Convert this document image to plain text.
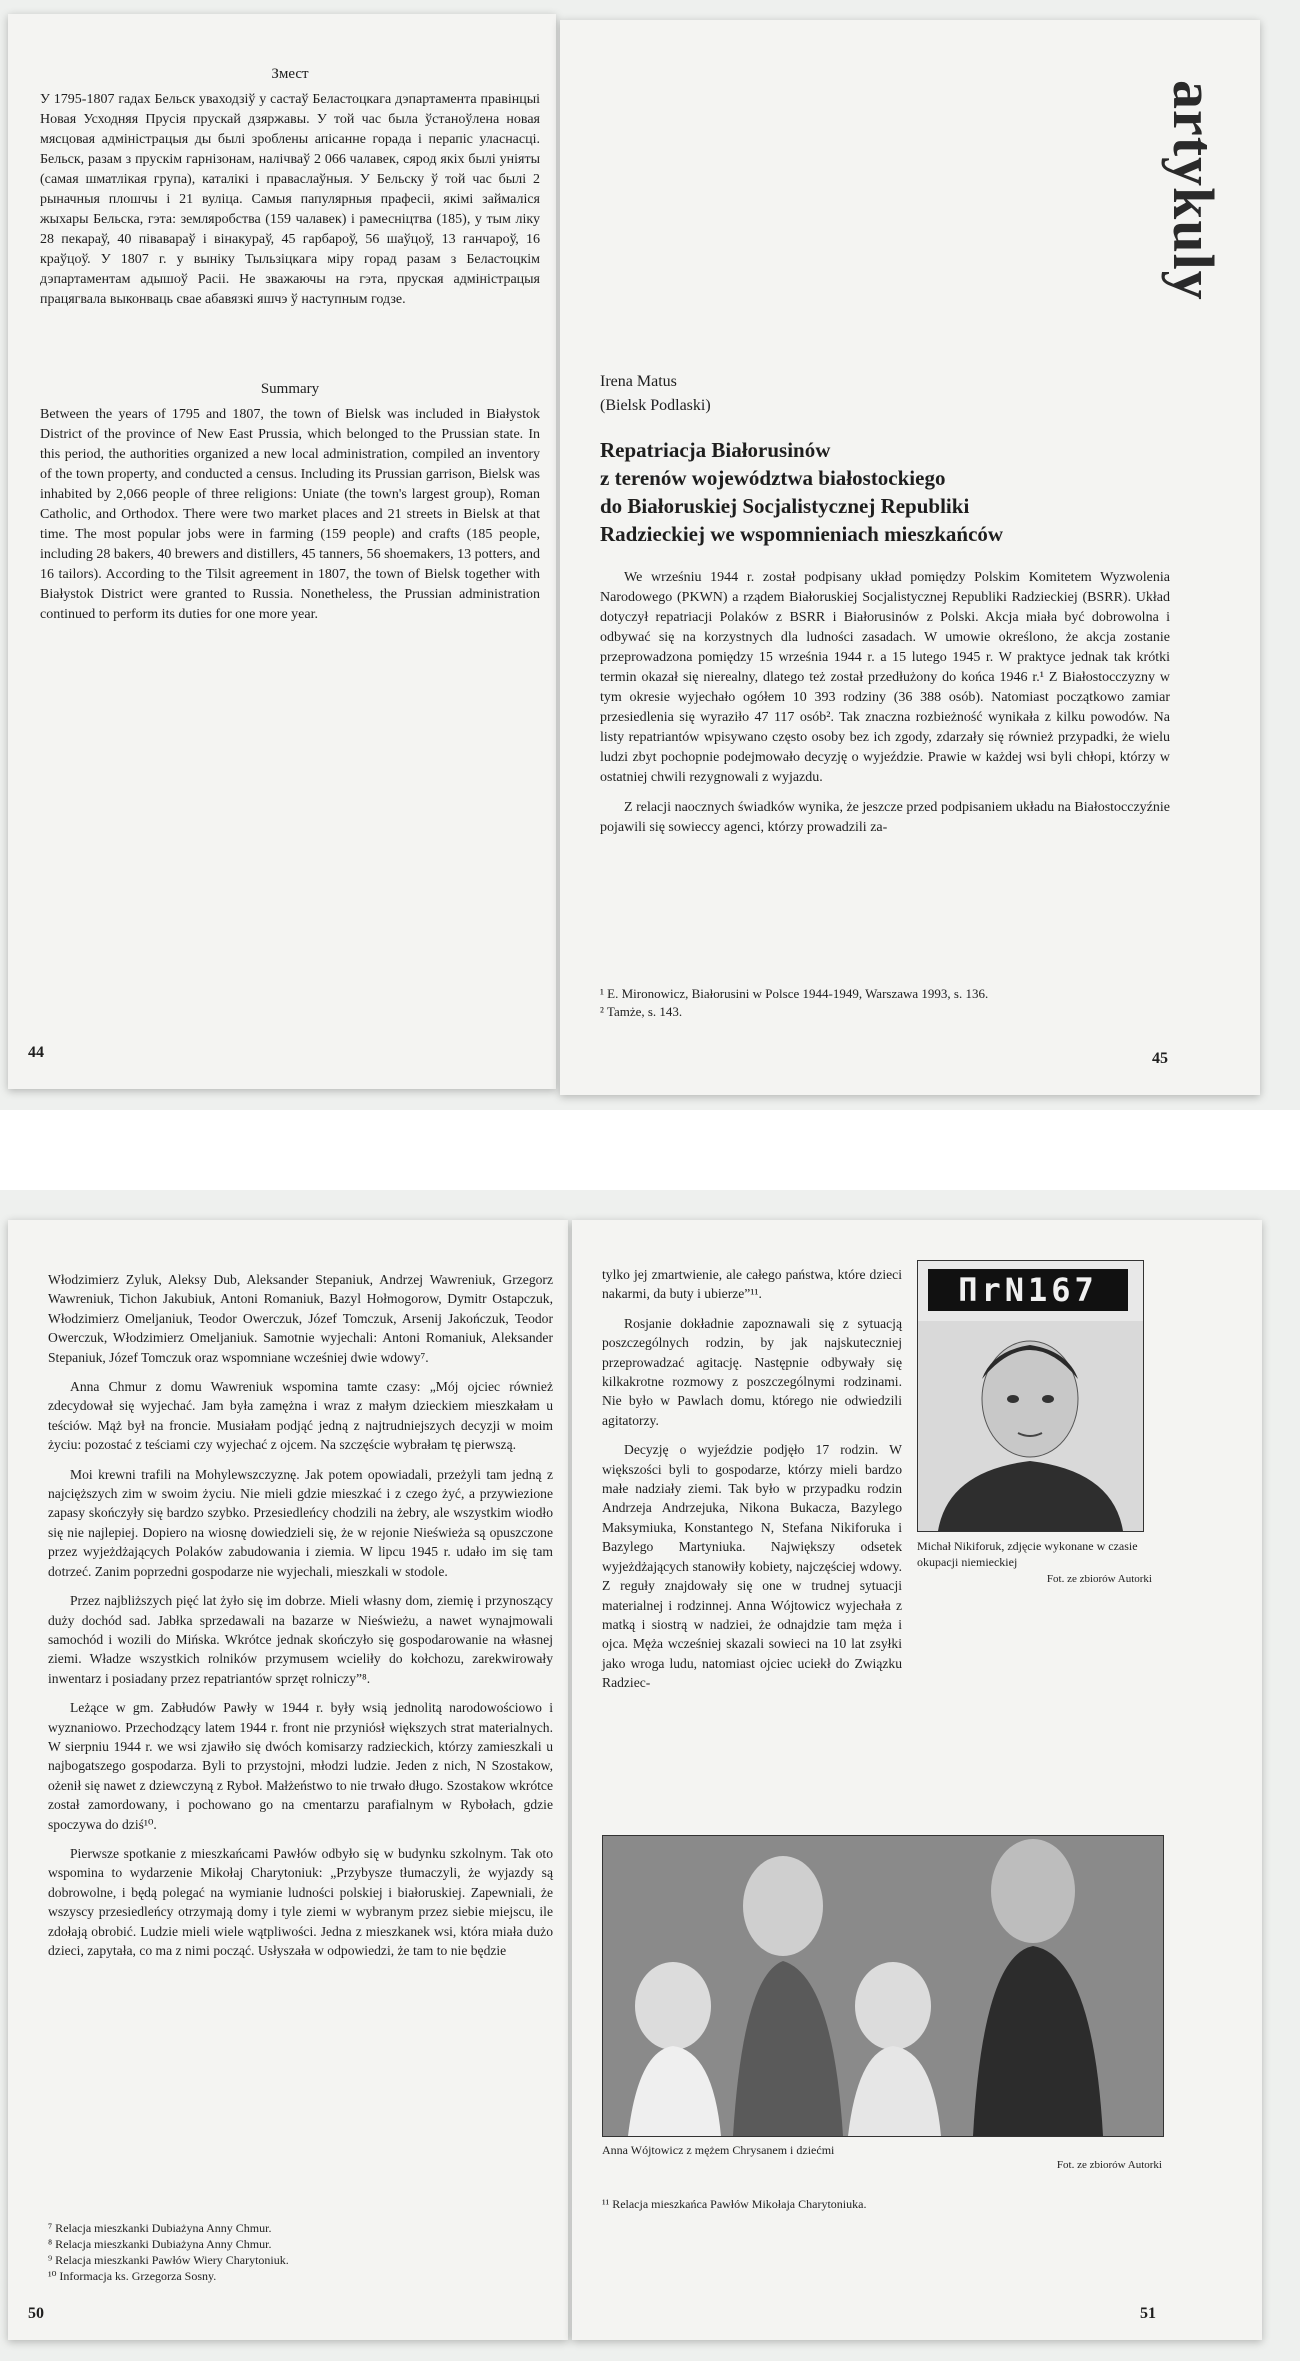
Змест

У 1795-1807 гадах Бельск уваходзіў у састаў Беластоцкага дэпартамента правінцыі Новая Усходняя Прусія прускай дзяржавы. У той час была ўстаноўлена новая мясцовая адміністрацыя ды былі зроблены апісанне горада і перапіс уласнасці. Бельск, разам з прускім гарнізонам, налічваў 2 066 чалавек, сярод якіх былі уніяты (самая шматлікая група), каталікі і праваслаўныя. У Бельску ў той час былі 2 рыначныя плошчы і 21 вуліца. Самыя папулярныя прафесіі, якімі займаліся жыхары Бельска, гэта: земляробства (159 чалавек) і рамесніцтва (185), у тым ліку 28 пекараў, 40 півавараў і вінакураў, 45 гарбароў, 56 шаўцоў, 13 ганчароў, 16 краўцоў. У 1807 г. у выніку Тыльзіцкага міру горад разам з Беластоцкім дэпартаментам адышоў Расіі. Не зважаючы на гэта, пруская адміністрацыя працягвала выконваць свае абавязкі яшчэ ў наступным годзе.

Summary

Between the years of 1795 and 1807, the town of Bielsk was included in Białystok District of the province of New East Prussia, which belonged to the Prussian state. In this period, the authorities organized a new local administration, compiled an inventory of the town property, and conducted a census. Including its Prussian garrison, Bielsk was inhabited by 2,066 people of three religions: Uniate (the town's largest group), Roman Catholic, and Orthodox. There were two market places and 21 streets in Bielsk at that time. The most popular jobs were in farming (159 people) and crafts (185 people, including 28 bakers, 40 brewers and distillers, 45 tanners, 56 shoemakers, 13 potters, and 16 tailors). According to the Tilsit agreement in 1807, the town of Bielsk together with Białystok District were granted to Russia. Nonetheless, the Prussian administration continued to perform its duties for one more year.

44
artykuly
Irena Matus
(Bielsk Podlaski)
Repatriacja Białorusinów
z terenów województwa białostockiego
do Białoruskiej Socjalistycznej Republiki
Radzieckiej we wspomnieniach mieszkańców

We wrześniu 1944 r. został podpisany układ pomiędzy Polskim Komitetem Wyzwolenia Narodowego (PKWN) a rządem Białoruskiej Socjalistycznej Republiki Radzieckiej (BSRR). Układ dotyczył repatriacji Polaków z BSRR i Białorusinów z Polski. Akcja miała być dobrowolna i odbywać się na korzystnych dla ludności zasadach. W umowie określono, że akcja zostanie przeprowadzona pomiędzy 15 września 1944 r. a 15 lutego 1945 r. W praktyce jednak tak krótki termin okazał się nierealny, dlatego też został przedłużony do końca 1946 r.¹ Z Białostocczyzny w tym okresie wyjechało ogółem 10 393 rodziny (36 388 osób). Natomiast początkowo zamiar przesiedlenia się wyraziło 47 117 osób². Tak znaczna rozbieżność wynikała z kilku powodów. Na listy repatriantów wpisywano często osoby bez ich zgody, zdarzały się również przypadki, że wielu ludzi zbyt pochopnie podejmowało decyzję o wyjeździe. Prawie w każdej wsi byli chłopi, którzy w ostatniej chwili rezygnowali z wyjazdu.

Z relacji naocznych świadków wynika, że jeszcze przed podpisaniem układu na Białostocczyźnie pojawili się sowieccy agenci, którzy prowadzili za-

¹ E. Mironowicz, Białorusini w Polsce 1944-1949, Warszawa 1993, s. 136.
² Tamże, s. 143.
45

Włodzimierz Zyluk, Aleksy Dub, Aleksander Stepaniuk, Andrzej Wawreniuk, Grzegorz Wawreniuk, Tichon Jakubiuk, Antoni Romaniuk, Bazyl Hołmogorow, Dymitr Ostapczuk, Włodzimierz Omeljaniuk, Teodor Owerczuk, Józef Tomczuk, Arsenij Jakończuk, Teodor Owerczuk, Włodzimierz Omeljaniuk. Samotnie wyjechali: Antoni Romaniuk, Aleksander Stepaniuk, Józef Tomczuk oraz wspomniane wcześniej dwie wdowy⁷.

Anna Chmur z domu Wawreniuk wspomina tamte czasy: „Mój ojciec również zdecydował się wyjechać. Jam była zamężna i wraz z małym dzieckiem mieszkałam u teściów. Mąż był na froncie. Musiałam podjąć jedną z najtrudniejszych decyzji w moim życiu: pozostać z teściami czy wyjechać z ojcem. Na szczęście wybrałam tę pierwszą.

Moi krewni trafili na Mohylewszczyznę. Jak potem opowiadali, przeżyli tam jedną z najcięższych zim w swoim życiu. Nie mieli gdzie mieszkać i z czego żyć, a przywiezione zapasy skończyły się bardzo szybko. Przesiedleńcy chodzili na żebry, ale wszystkim wiodło się nie najlepiej. Dopiero na wiosnę dowiedzieli się, że w rejonie Nieświeża są opuszczone przez wyjeżdżających Polaków zabudowania i ziemia. W lipcu 1945 r. udało im się tam dotrzeć. Zanim poprzedni gospodarze nie wyjechali, mieszkali w stodole.

Przez najbliższych pięć lat żyło się im dobrze. Mieli własny dom, ziemię i przynoszący duży dochód sad. Jabłka sprzedawali na bazarze w Nieświeżu, a nawet wynajmowali samochód i wozili do Mińska. Wkrótce jednak skończyło się gospodarowanie na własnej ziemi. Władze wszystkich rolników przymusem wcieliły do kołchozu, zarekwirowały inwentarz i posiadany przez repatriantów sprzęt rolniczy”⁸.

Leżące w gm. Zabłudów Pawły w 1944 r. były wsią jednolitą narodowościowo i wyznaniowo. Przechodzący latem 1944 r. front nie przyniósł większych strat materialnych. W sierpniu 1944 r. we wsi zjawiło się dwóch komisarzy radzieckich, którzy zamieszkali u najbogatszego gospodarza. Byli to przystojni, młodzi ludzie. Jeden z nich, N Szostakow, ożenił się nawet z dziewczyną z Ryboł. Małżeństwo to nie trwało długo. Szostakow wkrótce został zamordowany, i pochowano go na cmentarzu parafialnym w Rybołach, gdzie spoczywa do dziś¹⁰.

Pierwsze spotkanie z mieszkańcami Pawłów odbyło się w budynku szkolnym. Tak oto wspomina to wydarzenie Mikołaj Charytoniuk: „Przybysze tłumaczyli, że wyjazdy są dobrowolne, i będą polegać na wymianie ludności polskiej i białoruskiej. Zapewniali, że wszyscy przesiedleńcy otrzymają domy i tyle ziemi w wybranym przez siebie miejscu, ile zdołają obrobić. Ludzie mieli wiele wątpliwości. Jedna z mieszkanek wsi, która miała dużo dzieci, zapytała, co ma z nimi począć. Usłyszała w odpowiedzi, że tam to nie będzie

⁷ Relacja mieszkanki Dubiażyna Anny Chmur.
⁸ Relacja mieszkanki Dubiażyna Anny Chmur.
⁹ Relacja mieszkanki Pawłów Wiery Charytoniuk.
¹⁰ Informacja ks. Grzegorza Sosny.
50

tylko jej zmartwienie, ale całego państwa, które dzieci nakarmi, da buty i ubierze”¹¹.

Rosjanie dokładnie zapoznawali się z sytuacją poszczególnych rodzin, by jak najskuteczniej przeprowadzać agitację. Następnie odbywały się kilkakrotne rozmowy z poszczególnymi rodzinami. Nie było w Pawlach domu, którego nie odwiedzili agitatorzy.

Decyzję o wyjeździe podjęło 17 rodzin. W większości byli to gospodarze, którzy mieli bardzo małe nadziały ziemi. Tak było w przypadku rodzin Andrzeja Andrzejuka, Nikona Bukacza, Bazylego Maksymiuka, Konstantego N, Stefana Nikiforuka i Bazylego Martyniuka. Największy odsetek wyjeżdżających stanowiły kobiety, najczęściej wdowy. Z reguły znajdowały się one w trudnej sytuacji materialnej i rodzinnej. Anna Wójtowicz wyjechała z matką i siostrą w nadziei, że odnajdzie tam męża i ojca. Męża wcześniej skazali sowieci na 10 lat zsyłki jako wroga ludu, natomiast ojciec uciekł do Związku Radziec-

ΠrN167
Michał Nikiforuk, zdjęcie wykonane w czasie okupacji niemieckiej
Fot. ze zbiorów Autorki
Anna Wójtowicz z mężem Chrysanem i dziećmi
Fot. ze zbiorów Autorki
¹¹ Relacja mieszkańca Pawłów Mikołaja Charytoniuka.
51
